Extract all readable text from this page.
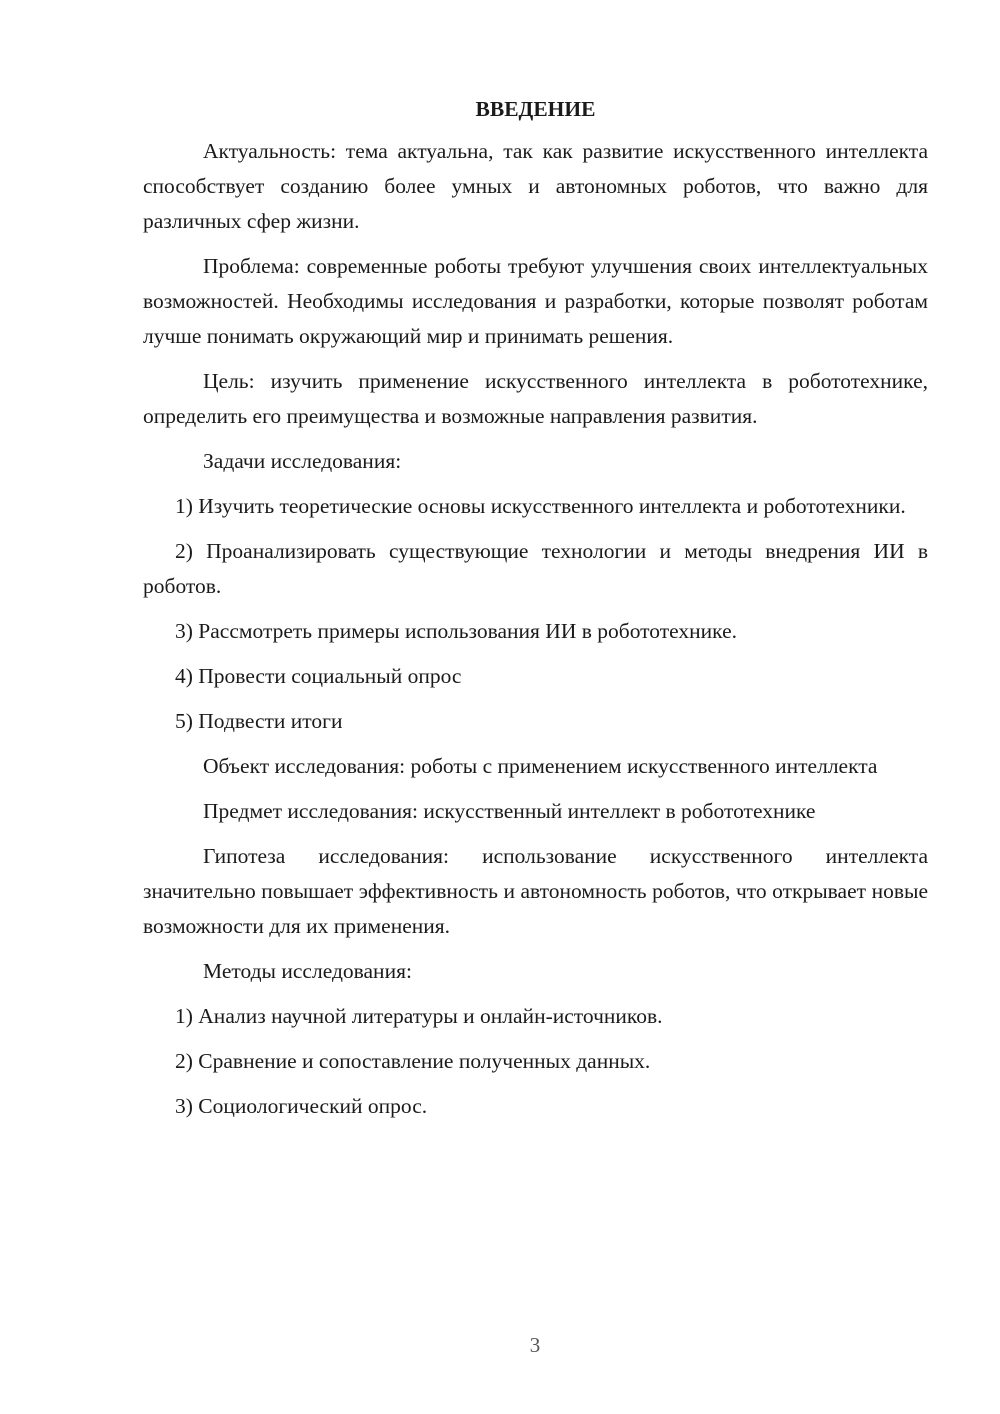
ВВЕДЕНИЕ

Актуальность: тема актуальна, так как развитие искусственного интеллекта способствует созданию более умных и автономных роботов, что важно для различных сфер жизни.

Проблема: современные роботы требуют улучшения своих интеллектуальных возможностей. Необходимы исследования и разработки, которые позволят роботам лучше понимать окружающий мир и принимать решения.

Цель: изучить применение искусственного интеллекта в робототехнике, определить его преимущества и возможные направления развития.

Задачи исследования:

1) Изучить теоретические основы искусственного интеллекта и робототехники.

2) Проанализировать существующие технологии и методы внедрения ИИ в роботов.

3) Рассмотреть примеры использования ИИ в робототехнике.

4) Провести социальный опрос

5) Подвести итоги

Объект исследования: роботы с применением искусственного интеллекта

Предмет исследования: искусственный интеллект в робототехнике

Гипотеза исследования: использование искусственного интеллекта значительно повышает эффективность и автономность роботов, что открывает новые возможности для их применения.

Методы исследования:

1) Анализ научной литературы и онлайн-источников.

2) Сравнение и сопоставление полученных данных.

3) Социологический опрос.

3
